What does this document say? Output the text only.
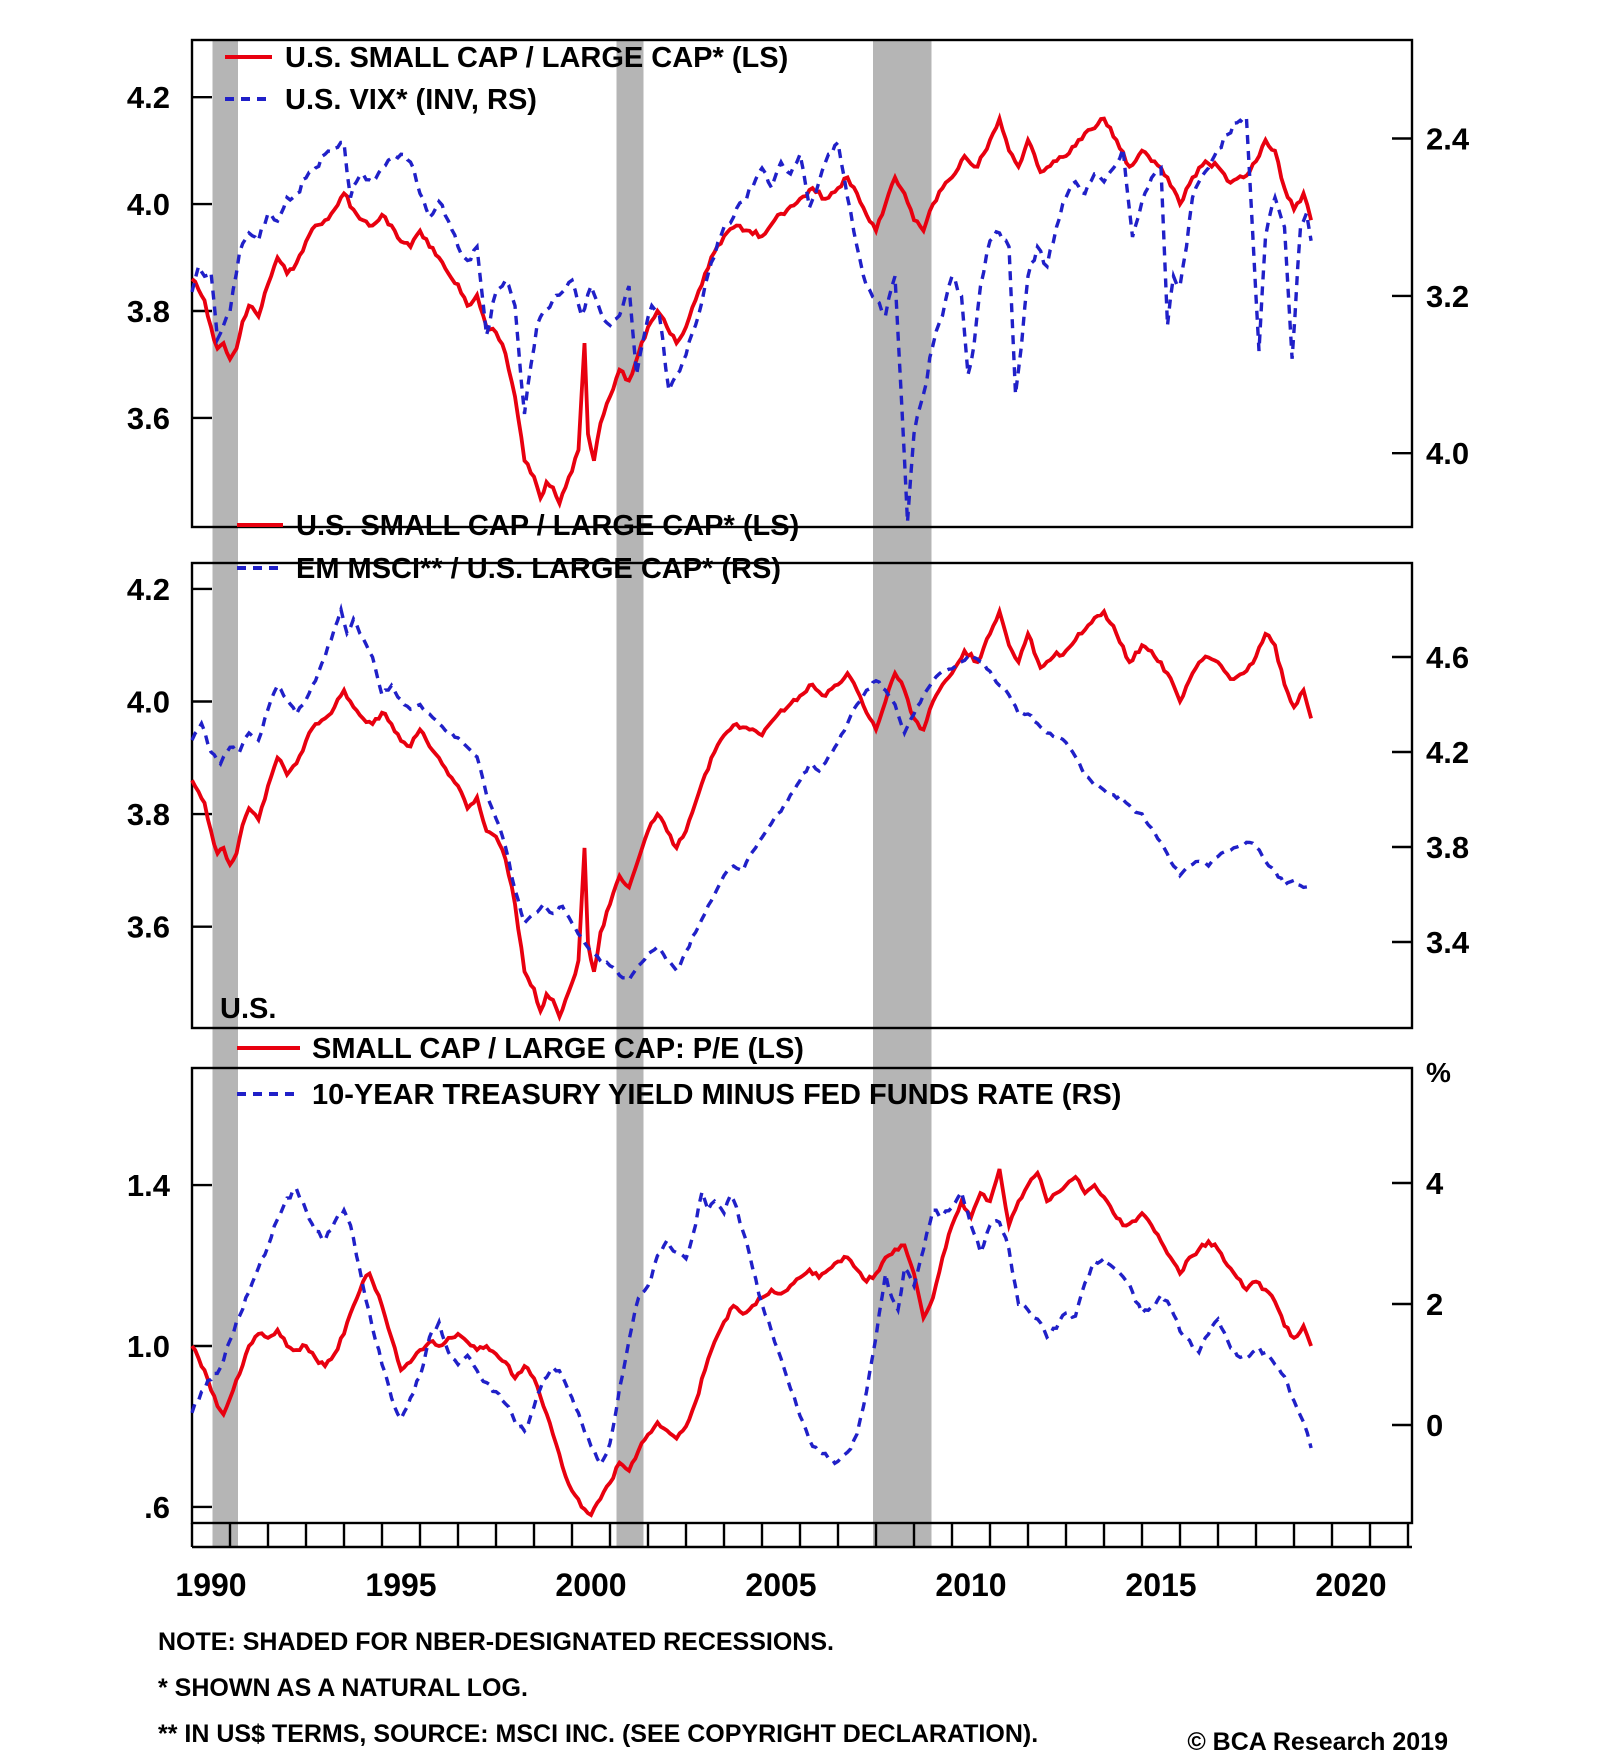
4.2
4.0
3.8
3.6
2.4
3.2
4.0
4.2
4.0
3.8
3.6
4.6
4.2
3.8
3.4
1.4
1.0
.6
4
2
0
1990	1995	2000	2005	2010	2015	2020
%
U.S. SMALL CAP / LARGE CAP* (LS)
U.S. VIX* (INV, RS)
U.S. SMALL CAP / LARGE CAP* (LS)
EM MSCI** / U.S. LARGE CAP* (RS)
U.S.
SMALL CAP / LARGE CAP: P/E (LS)
10-YEAR TREASURY YIELD MINUS FED FUNDS RATE (RS)
NOTE: SHADED FOR NBER-DESIGNATED RECESSIONS.
* SHOWN AS A NATURAL LOG.
** IN US$ TERMS, SOURCE: MSCI INC. (SEE COPYRIGHT DECLARATION).	© BCA Research 2019
